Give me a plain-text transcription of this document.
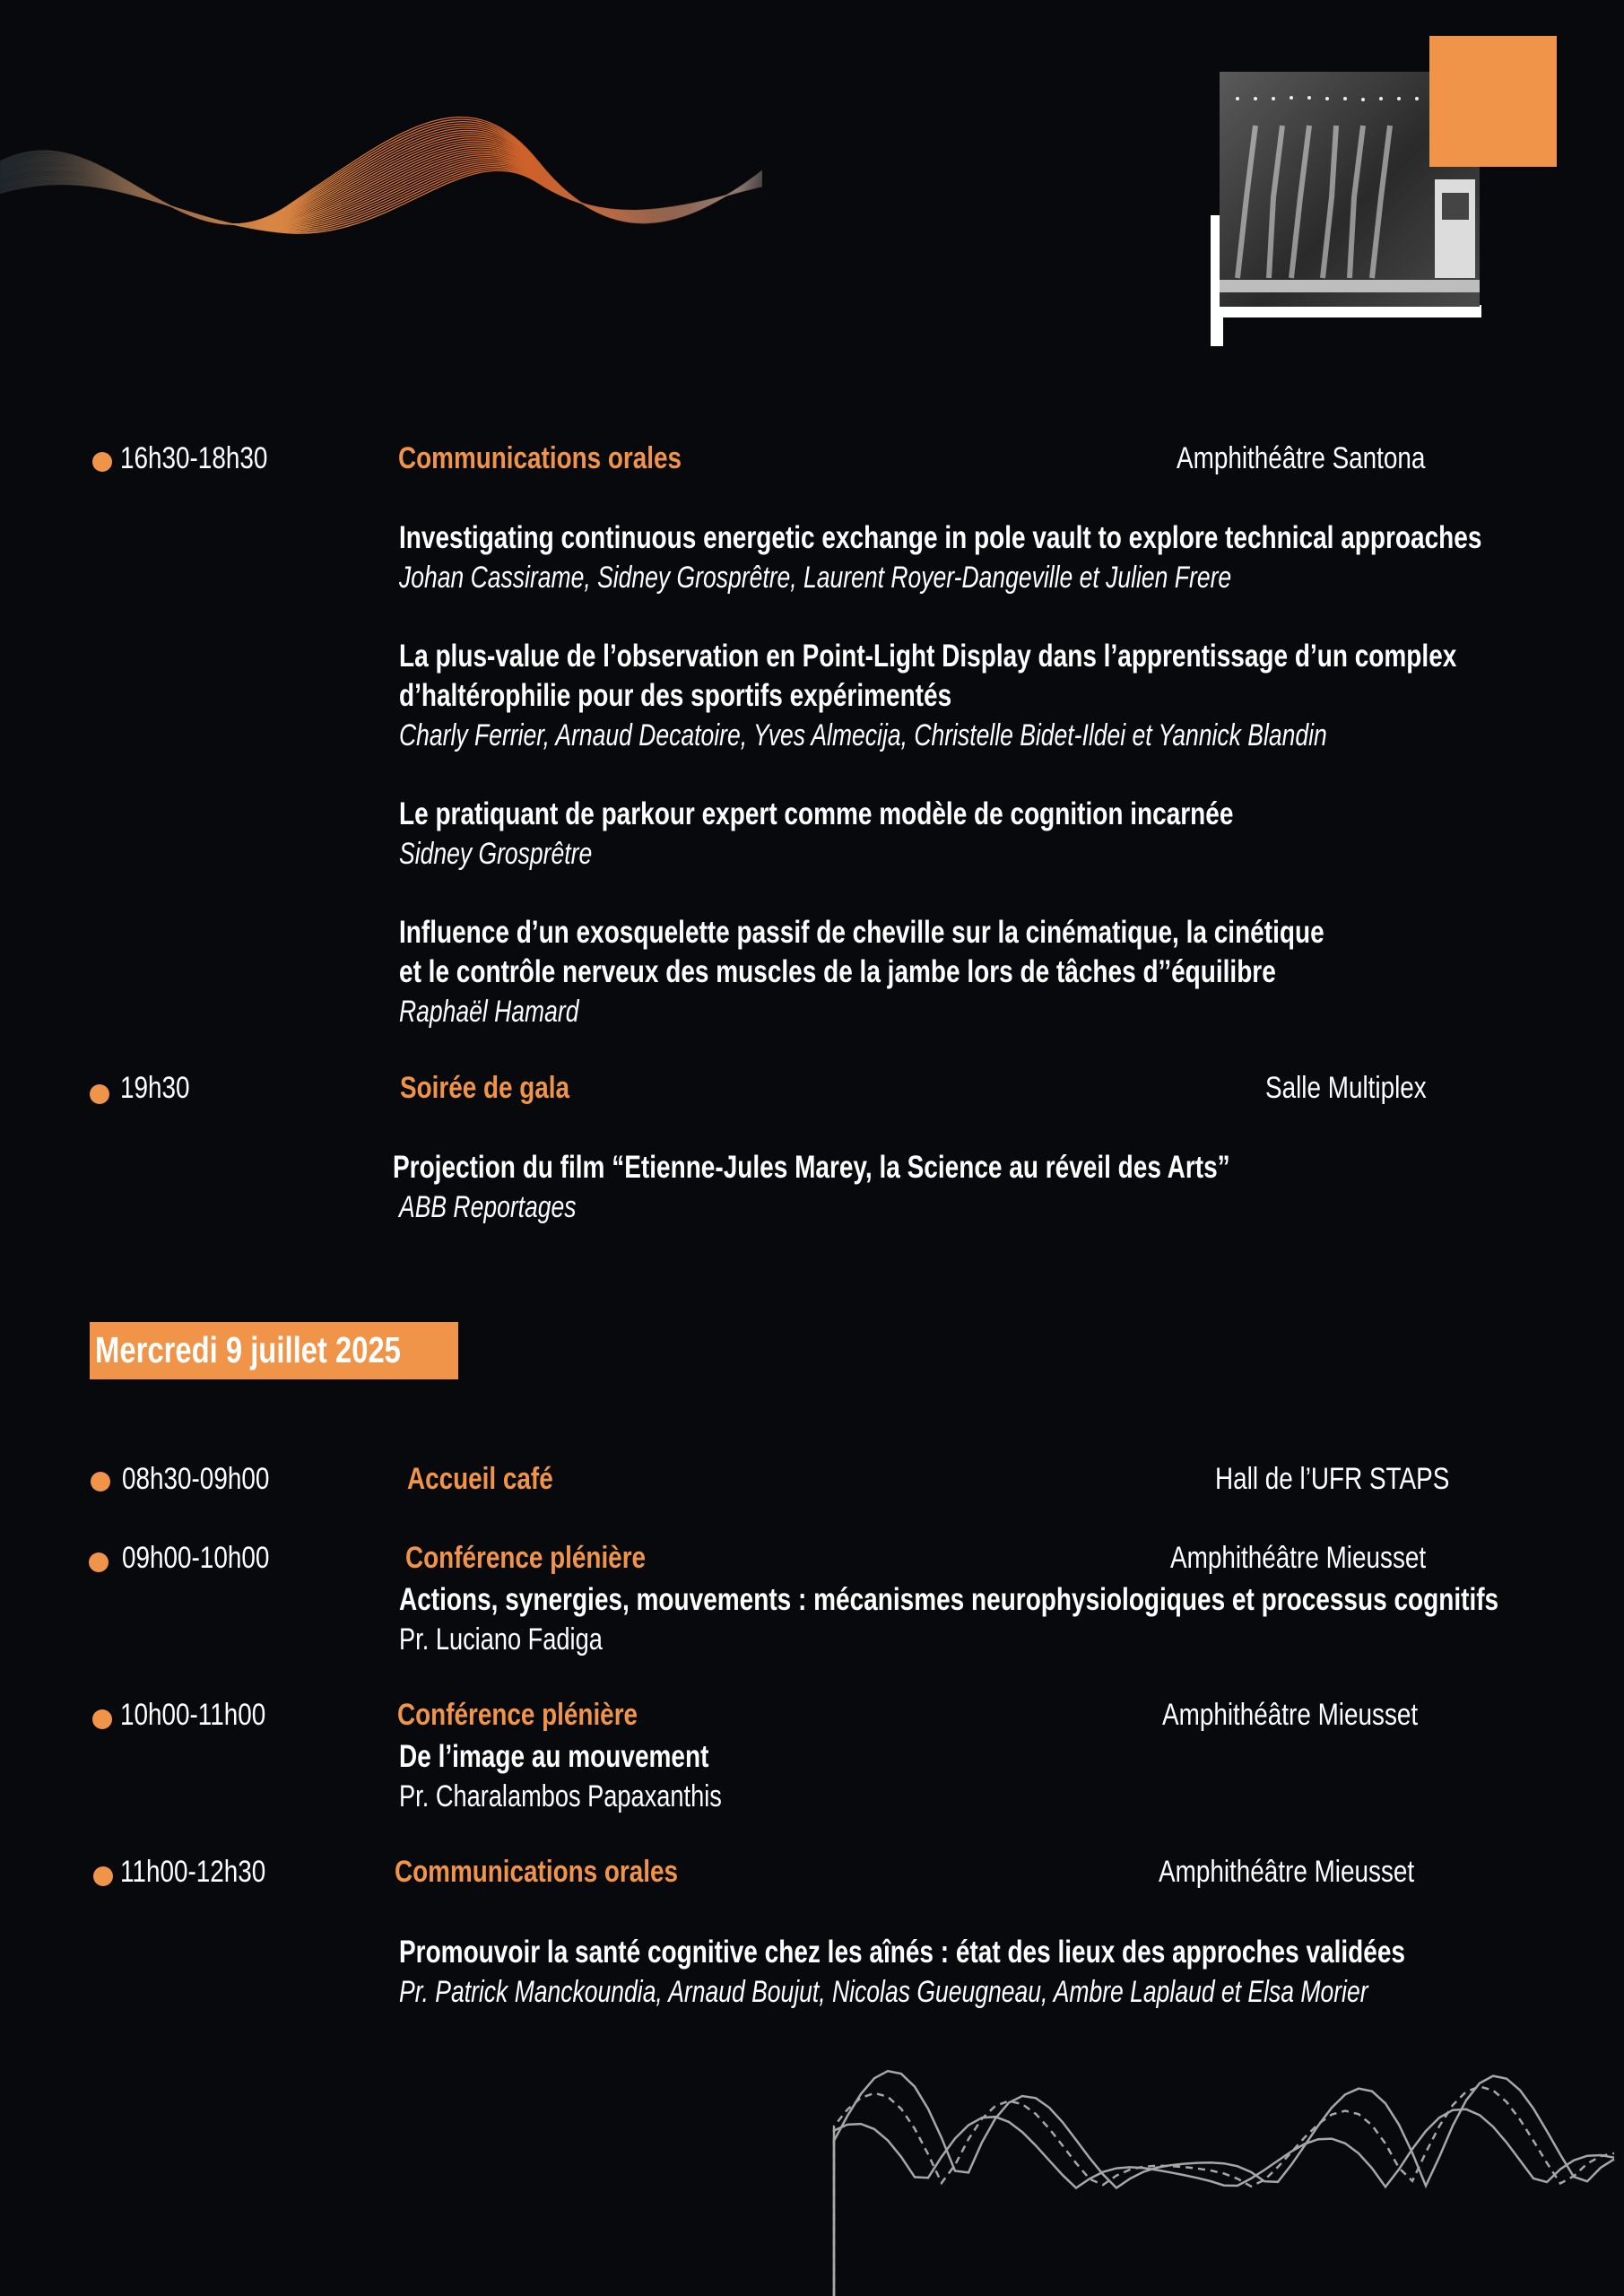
16h30-18h30	Communications orales	Amphithéâtre Santona
Investigating continuous energetic exchange in pole vault to explore technical approaches
Johan Cassirame, Sidney Grosprêtre, Laurent Royer-Dangeville et Julien Frere
La plus-value de l’observation en Point-Light Display dans l’apprentissage d’un complex
d’haltérophilie pour des sportifs expérimentés
Charly Ferrier, Arnaud Decatoire, Yves Almecija, Christelle Bidet-Ildei et Yannick Blandin
Le pratiquant de parkour expert comme modèle de cognition incarnée
Sidney Grosprêtre
Influence d’un exosquelette passif de cheville sur la cinématique, la cinétique
et le contrôle nerveux des muscles de la jambe lors de tâches d’’équilibre
Raphaël Hamard
19h30	Soirée de gala	Salle Multiplex
Projection du film “Etienne-Jules Marey, la Science au réveil des Arts”
ABB Reportages
Mercredi 9 juillet 2025
08h30-09h00	Accueil café	Hall de l’UFR STAPS
09h00-10h00	Conférence plénière	Amphithéâtre Mieusset
Actions, synergies, mouvements : mécanismes neurophysiologiques et processus cognitifs
Pr. Luciano Fadiga
10h00-11h00	Conférence plénière	Amphithéâtre Mieusset
De l’image au mouvement
Pr. Charalambos Papaxanthis
11h00-12h30	Communications orales	Amphithéâtre Mieusset
Promouvoir la santé cognitive chez les aînés : état des lieux des approches validées
Pr. Patrick Manckoundia, Arnaud Boujut, Nicolas Gueugneau, Ambre Laplaud et Elsa Morier
